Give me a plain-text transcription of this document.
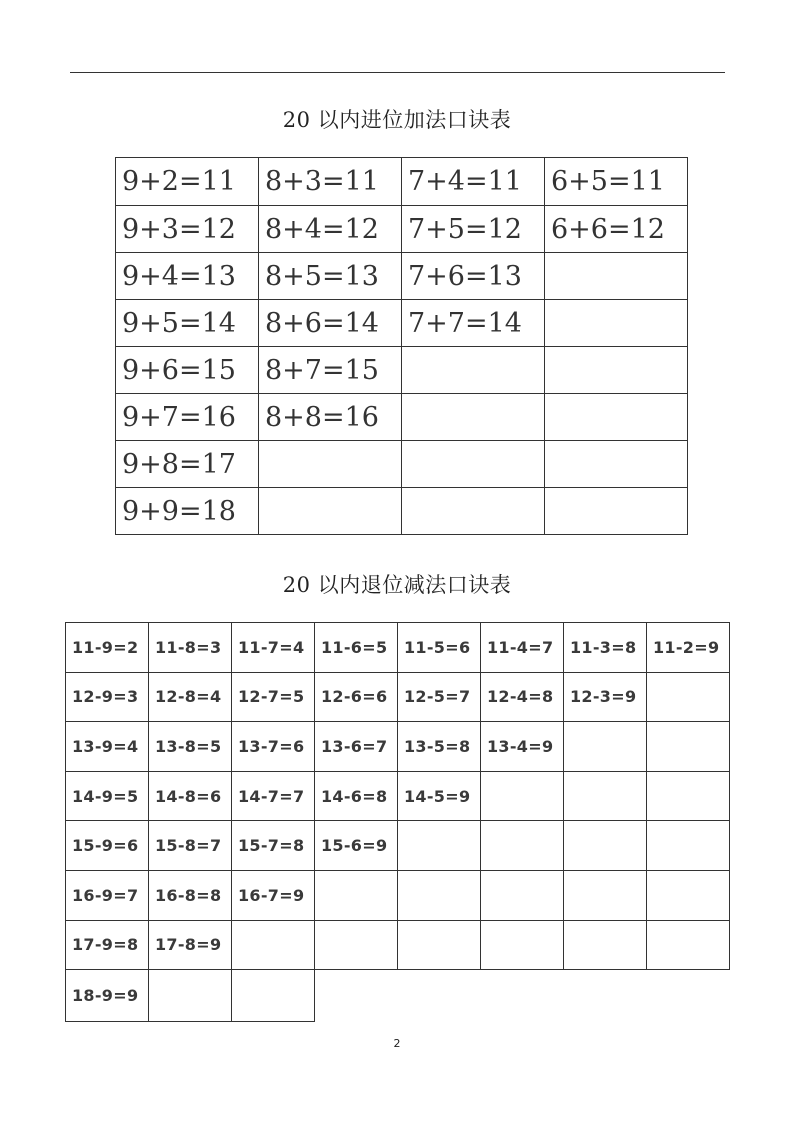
20 以内进位加法口诀表
9+2=11	8+3=11	7+4=11	6+5=11
9+3=12	8+4=12	7+5=12	6+6=12
9+4=13	8+5=13	7+6=13	
9+5=14	8+6=14	7+7=14	
9+6=15	8+7=15		
9+7=16	8+8=16		
9+8=17			
9+9=18			
20 以内退位减法口诀表
11-9=2	11-8=3	11-7=4	11-6=5	11-5=6	11-4=7	11-3=8	11-2=9
12-9=3	12-8=4	12-7=5	12-6=6	12-5=7	12-4=8	12-3=9	
13-9=4	13-8=5	13-7=6	13-6=7	13-5=8	13-4=9		
14-9=5	14-8=6	14-7=7	14-6=8	14-5=9			
15-9=6	15-8=7	15-7=8	15-6=9				
16-9=7	16-8=8	16-7=9					
17-9=8	17-8=9						
18-9=9							
2
